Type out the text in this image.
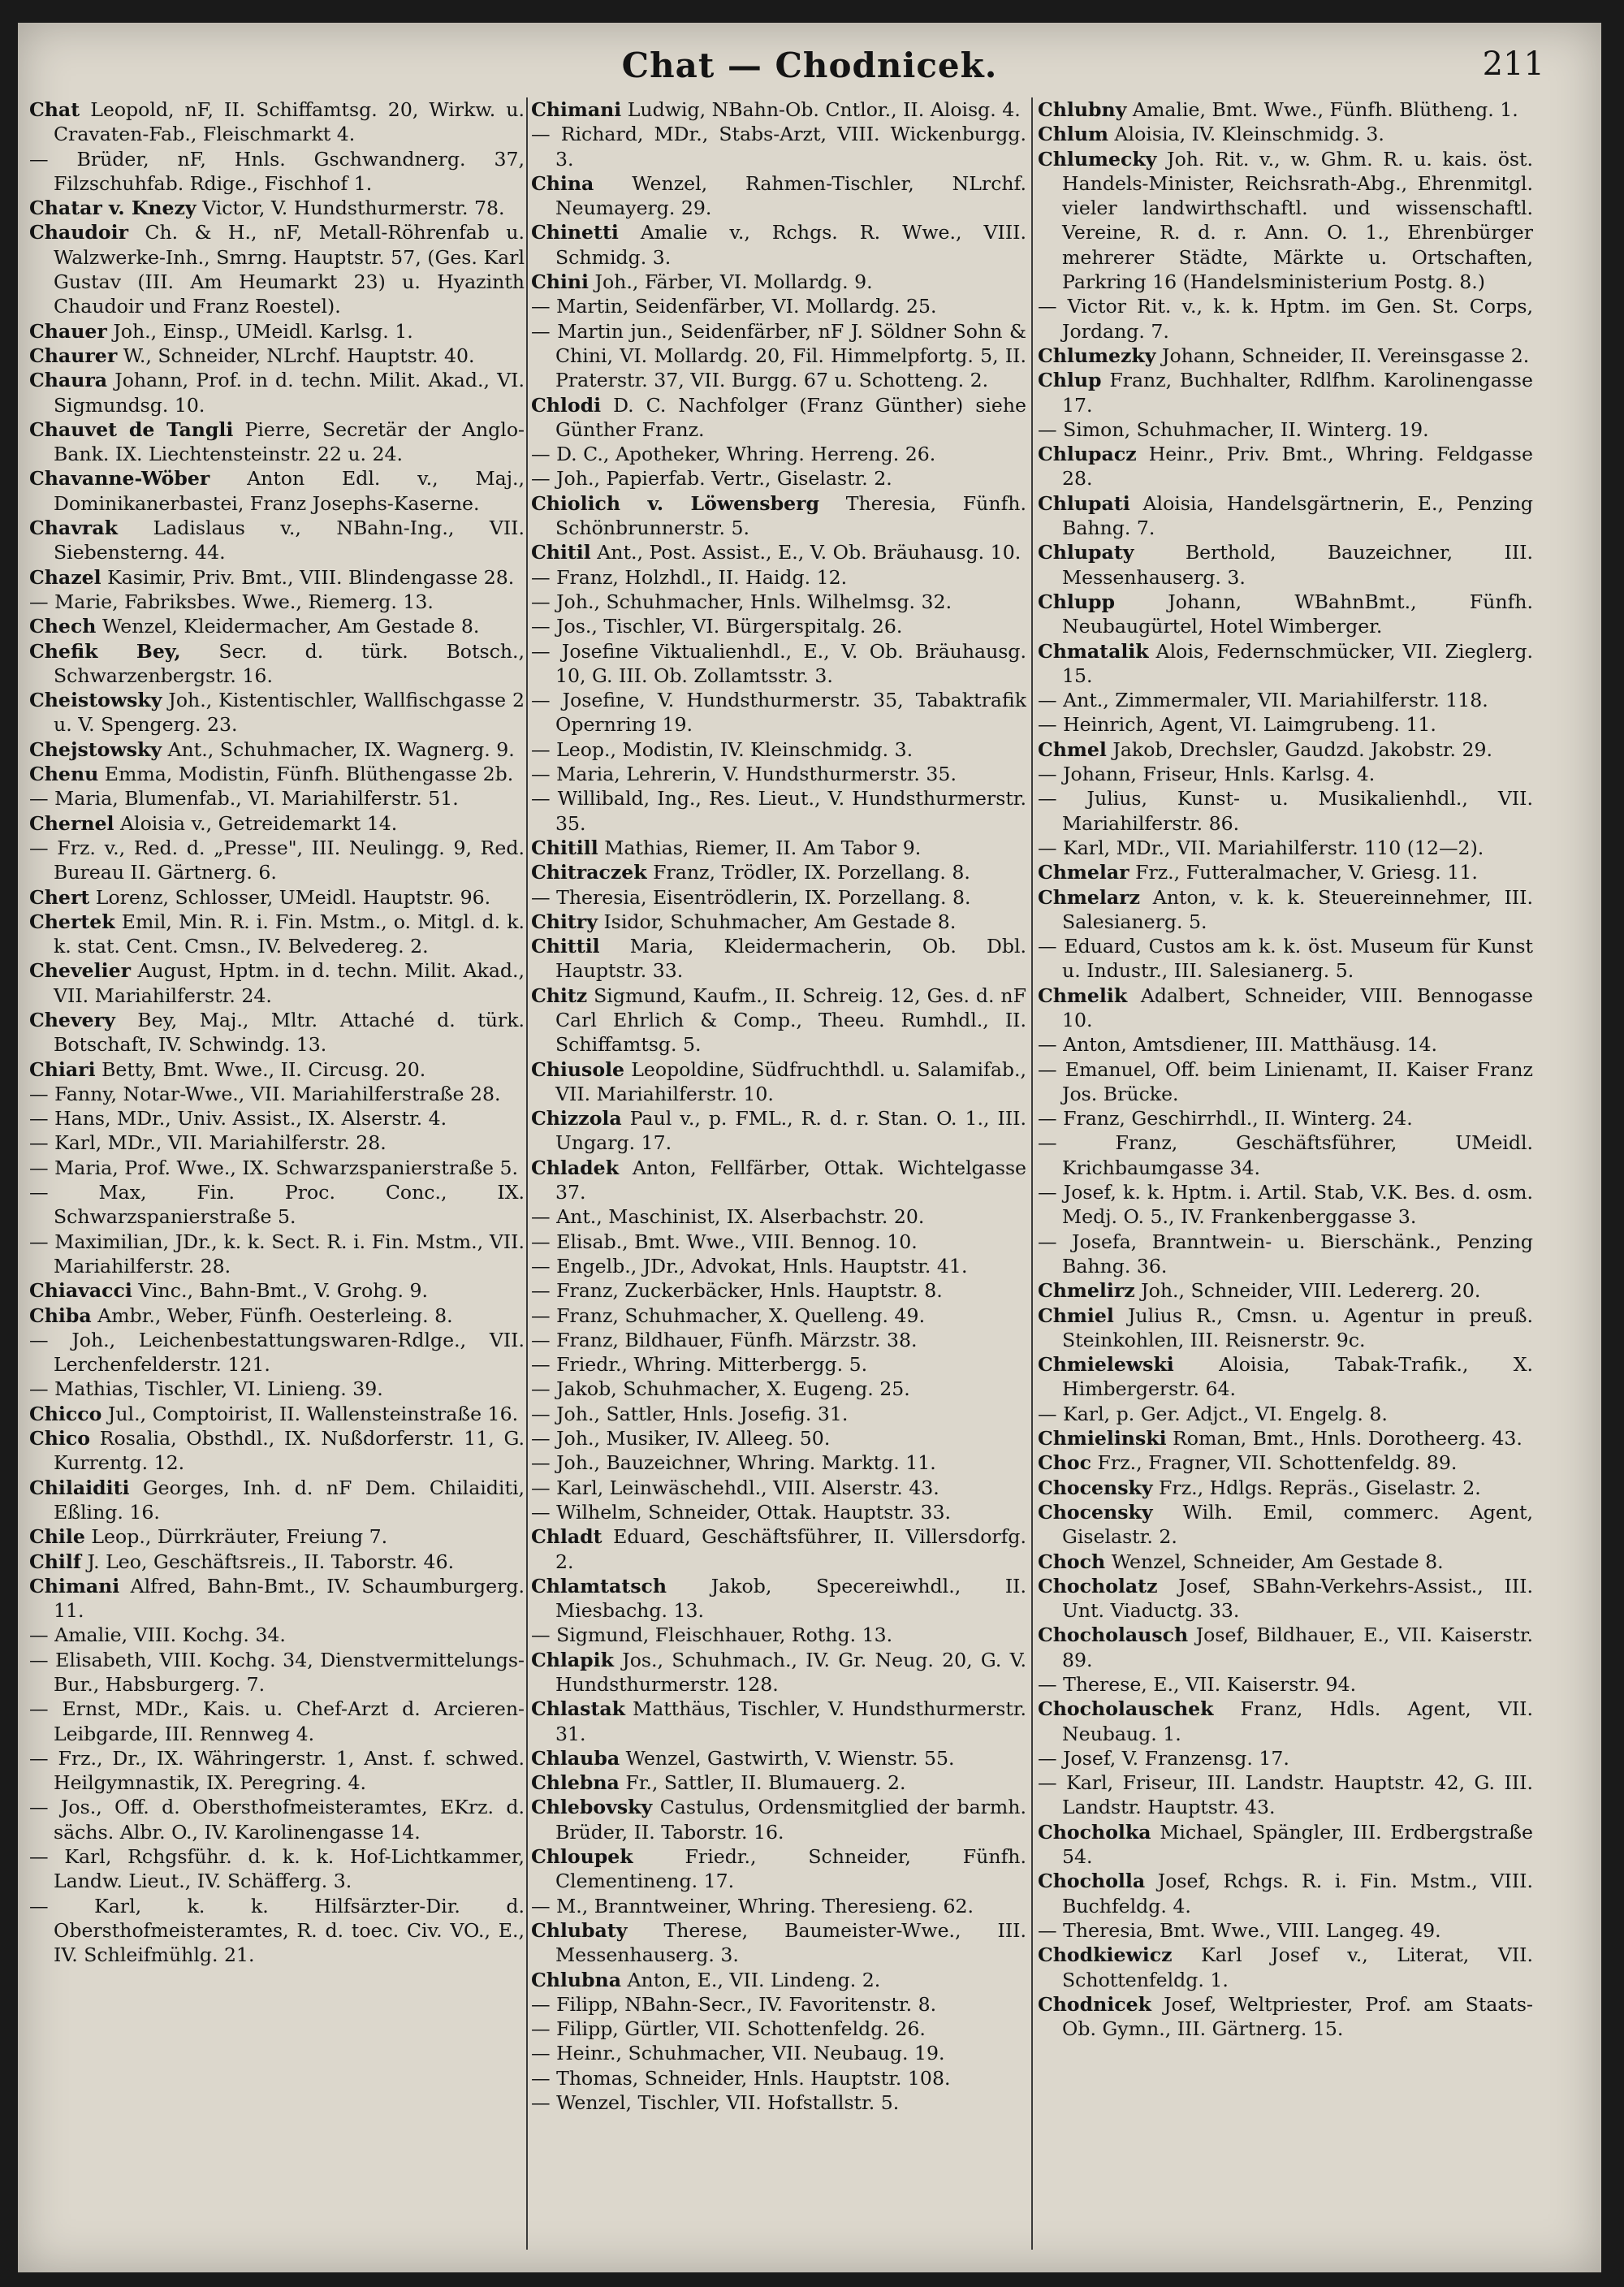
Chat — Chodnicek.	211

Chat Leopold, nF, II. Schiffamtsg. 20, Wirkw. u. Cravaten-Fab., Fleischmarkt 4.

— Brüder, nF, Hnls. Gschwandnerg. 37, Filzschuhfab. Rdige., Fischhof 1.

Chatar v. Knezy Victor, V. Hundsthurmerstr. 78.

Chaudoir Ch. & H., nF, Metall-Röhrenfab u. Walzwerke-Inh., Smrng. Hauptstr. 57, (Ges. Karl Gustav (III. Am Heumarkt 23) u. Hyazinth Chaudoir und Franz Roestel).

Chauer Joh., Einsp., UMeidl. Karlsg. 1.

Chaurer W., Schneider, NLrchf. Hauptstr. 40.

Chaura Johann, Prof. in d. techn. Milit. Akad., VI. Sigmundsg. 10.

Chauvet de Tangli Pierre, Secretär der Anglo-Bank. IX. Liechtensteinstr. 22 u. 24.

Chavanne-Wöber Anton Edl. v., Maj., Dominikanerbastei, Franz Josephs-Kaserne.

Chavrak Ladislaus v., NBahn-Ing., VII. Siebensterng. 44.

Chazel Kasimir, Priv. Bmt., VIII. Blindengasse 28.

— Marie, Fabriksbes. Wwe., Riemerg. 13.

Chech Wenzel, Kleidermacher, Am Gestade 8.

Chefik Bey, Secr. d. türk. Botsch., Schwarzenbergstr. 16.

Cheistowsky Joh., Kistentischler, Wallfischgasse 2 u. V. Spengerg. 23.

Chejstowsky Ant., Schuhmacher, IX. Wagnerg. 9.

Chenu Emma, Modistin, Fünfh. Blüthengasse 2b.

— Maria, Blumenfab., VI. Mariahilferstr. 51.

Chernel Aloisia v., Getreidemarkt 14.

— Frz. v., Red. d. „Presse", III. Neulingg. 9, Red. Bureau II. Gärtnerg. 6.

Chert Lorenz, Schlosser, UMeidl. Hauptstr. 96.

Chertek Emil, Min. R. i. Fin. Mstm., o. Mitgl. d. k. k. stat. Cent. Cmsn., IV. Belvedereg. 2.

Chevelier August, Hptm. in d. techn. Milit. Akad., VII. Mariahilferstr. 24.

Chevery Bey, Maj., Mltr. Attaché d. türk. Botschaft, IV. Schwindg. 13.

Chiari Betty, Bmt. Wwe., II. Circusg. 20.

— Fanny, Notar-Wwe., VII. Mariahilferstraße 28.

— Hans, MDr., Univ. Assist., IX. Alserstr. 4.

— Karl, MDr., VII. Mariahilferstr. 28.

— Maria, Prof. Wwe., IX. Schwarzspanierstraße 5.

— Max, Fin. Proc. Conc., IX. Schwarzspanierstraße 5.

— Maximilian, JDr., k. k. Sect. R. i. Fin. Mstm., VII. Mariahilferstr. 28.

Chiavacci Vinc., Bahn-Bmt., V. Grohg. 9.

Chiba Ambr., Weber, Fünfh. Oesterleing. 8.

— Joh., Leichenbestattungswaren-Rdlge., VII. Lerchenfelderstr. 121.

— Mathias, Tischler, VI. Linieng. 39.

Chicco Jul., Comptoirist, II. Wallensteinstraße 16.

Chico Rosalia, Obsthdl., IX. Nußdorferstr. 11, G. Kurrentg. 12.

Chilaiditi Georges, Inh. d. nF Dem. Chilaiditi, Eßling. 16.

Chile Leop., Dürrkräuter, Freiung 7.

Chilf J. Leo, Geschäftsreis., II. Taborstr. 46.

Chimani Alfred, Bahn-Bmt., IV. Schaumburgerg. 11.

— Amalie, VIII. Kochg. 34.

— Elisabeth, VIII. Kochg. 34, Dienstvermittelungs-Bur., Habsburgerg. 7.

— Ernst, MDr., Kais. u. Chef-Arzt d. Arcieren-Leibgarde, III. Rennweg 4.

— Frz., Dr., IX. Währingerstr. 1, Anst. f. schwed. Heilgymnastik, IX. Peregring. 4.

— Jos., Off. d. Obersthofmeisteramtes, EKrz. d. sächs. Albr. O., IV. Karolinengasse 14.

— Karl, Rchgsführ. d. k. k. Hof-Lichtkammer, Landw. Lieut., IV. Schäfferg. 3.

— Karl, k. k. Hilfsärzter-Dir. d. Obersthofmeisteramtes, R. d. toec. Civ. VO., E., IV. Schleifmühlg. 21.

Chimani Ludwig, NBahn-Ob. Cntlor., II. Aloisg. 4.

— Richard, MDr., Stabs-Arzt, VIII. Wickenburgg. 3.

China Wenzel, Rahmen-Tischler, NLrchf. Neumayerg. 29.

Chinetti Amalie v., Rchgs. R. Wwe., VIII. Schmidg. 3.

Chini Joh., Färber, VI. Mollardg. 9.

— Martin, Seidenfärber, VI. Mollardg. 25.

— Martin jun., Seidenfärber, nF J. Söldner Sohn & Chini, VI. Mollardg. 20, Fil. Himmelpfortg. 5, II. Praterstr. 37, VII. Burgg. 67 u. Schotteng. 2.

Chlodi D. C. Nachfolger (Franz Günther) siehe Günther Franz.

— D. C., Apotheker, Whring. Herreng. 26.

— Joh., Papierfab. Vertr., Giselastr. 2.

Chiolich v. Löwensberg Theresia, Fünfh. Schönbrunnerstr. 5.

Chitil Ant., Post. Assist., E., V. Ob. Bräuhausg. 10.

— Franz, Holzhdl., II. Haidg. 12.

— Joh., Schuhmacher, Hnls. Wilhelmsg. 32.

— Jos., Tischler, VI. Bürgerspitalg. 26.

— Josefine Viktualienhdl., E., V. Ob. Bräuhausg. 10, G. III. Ob. Zollamtsstr. 3.

— Josefine, V. Hundsthurmerstr. 35, Tabaktrafik Opernring 19.

— Leop., Modistin, IV. Kleinschmidg. 3.

— Maria, Lehrerin, V. Hundsthurmerstr. 35.

— Willibald, Ing., Res. Lieut., V. Hundsthurmerstr. 35.

Chitill Mathias, Riemer, II. Am Tabor 9.

Chitraczek Franz, Trödler, IX. Porzellang. 8.

— Theresia, Eisentrödlerin, IX. Porzellang. 8.

Chitry Isidor, Schuhmacher, Am Gestade 8.

Chittil Maria, Kleidermacherin, Ob. Dbl. Hauptstr. 33.

Chitz Sigmund, Kaufm., II. Schreig. 12, Ges. d. nF Carl Ehrlich & Comp., Theeu. Rumhdl., II. Schiffamtsg. 5.

Chiusole Leopoldine, Südfruchthdl. u. Salamifab., VII. Mariahilferstr. 10.

Chizzola Paul v., p. FML., R. d. r. Stan. O. 1., III. Ungarg. 17.

Chladek Anton, Fellfärber, Ottak. Wichtelgasse 37.

— Ant., Maschinist, IX. Alserbachstr. 20.

— Elisab., Bmt. Wwe., VIII. Bennog. 10.

— Engelb., JDr., Advokat, Hnls. Hauptstr. 41.

— Franz, Zuckerbäcker, Hnls. Hauptstr. 8.

— Franz, Schuhmacher, X. Quelleng. 49.

— Franz, Bildhauer, Fünfh. Märzstr. 38.

— Friedr., Whring. Mitterbergg. 5.

— Jakob, Schuhmacher, X. Eugeng. 25.

— Joh., Sattler, Hnls. Josefig. 31.

— Joh., Musiker, IV. Alleeg. 50.

— Joh., Bauzeichner, Whring. Marktg. 11.

— Karl, Leinwäschehdl., VIII. Alserstr. 43.

— Wilhelm, Schneider, Ottak. Hauptstr. 33.

Chladt Eduard, Geschäftsführer, II. Villersdorfg. 2.

Chlamtatsch Jakob, Specereiwhdl., II. Miesbachg. 13.

— Sigmund, Fleischhauer, Rothg. 13.

Chlapik Jos., Schuhmach., IV. Gr. Neug. 20, G. V. Hundsthurmerstr. 128.

Chlastak Matthäus, Tischler, V. Hundsthurmerstr. 31.

Chlauba Wenzel, Gastwirth, V. Wienstr. 55.

Chlebna Fr., Sattler, II. Blumauerg. 2.

Chlebovsky Castulus, Ordensmitglied der barmh. Brüder, II. Taborstr. 16.

Chloupek	Friedr., Schneider, Fünfh. Clementineng. 17.

— M., Branntweiner, Whring. Theresieng. 62.

Chlubaty Therese, Baumeister-Wwe., III. Messenhauserg. 3.

Chlubna Anton, E., VII. Lindeng. 2.

— Filipp, NBahn-Secr., IV. Favoritenstr. 8.

— Filipp, Gürtler, VII. Schottenfeldg. 26.

— Heinr., Schuhmacher, VII. Neubaug. 19.

— Thomas, Schneider, Hnls. Hauptstr. 108.

— Wenzel, Tischler, VII. Hofstallstr. 5.

Chlubny Amalie, Bmt. Wwe., Fünfh. Blütheng. 1.

Chlum Aloisia, IV. Kleinschmidg. 3.

Chlumecky Joh. Rit. v., w. Ghm. R. u. kais. öst. Handels-Minister, Reichsrath-Abg., Ehrenmitgl. vieler landwirthschaftl. und wissenschaftl. Vereine, R. d. r. Ann. O. 1., Ehrenbürger mehrerer Städte, Märkte u. Ortschaften, Parkring 16 (Handelsministerium Postg. 8.)

— Victor Rit. v., k. k. Hptm. im Gen. St. Corps, Jordang. 7.

Chlumezky Johann, Schneider, II. Vereinsgasse 2.

Chlup Franz, Buchhalter, Rdlfhm. Karolinengasse 17.

— Simon, Schuhmacher, II. Winterg. 19.

Chlupacz Heinr., Priv. Bmt., Whring. Feldgasse 28.

Chlupati Aloisia, Handelsgärtnerin, E., Penzing Bahng. 7.

Chlupaty	Berthold, Bauzeichner, III. Messenhauserg. 3.

Chlupp	Johann, WBahnBmt., Fünfh. Neubaugürtel, Hotel Wimberger.

Chmatalik Alois, Federnschmücker, VII. Zieglerg. 15.

— Ant., Zimmermaler, VII. Mariahilferstr. 118.

— Heinrich, Agent, VI. Laimgrubeng. 11.

Chmel Jakob, Drechsler, Gaudzd. Jakobstr. 29.

— Johann, Friseur, Hnls. Karlsg. 4.

— Julius, Kunst- u. Musikalienhdl., VII. Mariahilferstr. 86.

— Karl, MDr., VII. Mariahilferstr. 110 (12—2).

Chmelar Frz., Futteralmacher, V. Griesg. 11.

Chmelarz Anton, v. k. k. Steuereinnehmer, III. Salesianerg. 5.

— Eduard, Custos am k. k. öst. Museum für Kunst u. Industr., III. Salesianerg. 5.

Chmelik Adalbert, Schneider, VIII. Bennogasse 10.

— Anton, Amtsdiener, III. Matthäusg. 14.

— Emanuel, Off. beim Linienamt, II. Kaiser Franz Jos. Brücke.

— Franz, Geschirrhdl., II. Winterg. 24.

— Franz, Geschäftsführer, UMeidl. Krichbaumgasse 34.

— Josef, k. k. Hptm. i. Artil. Stab, V.K. Bes. d. osm. Medj. O. 5., IV. Frankenberggasse 3.

— Josefa, Branntwein- u. Bierschänk., Penzing Bahng. 36.

Chmelirz Joh., Schneider, VIII. Ledererg. 20.

Chmiel Julius R., Cmsn. u. Agentur in preuß. Steinkohlen, III. Reisnerstr. 9c.

Chmielewski Aloisia, Tabak-Trafik., X. Himbergerstr. 64.

— Karl, p. Ger. Adjct., VI. Engelg. 8.

Chmielinski Roman, Bmt., Hnls. Dorotheerg. 43.

Choc Frz., Fragner, VII. Schottenfeldg. 89.

Chocensky Frz., Hdlgs. Repräs., Giselastr. 2.

Chocensky Wilh. Emil, commerc. Agent, Giselastr. 2.

Choch Wenzel, Schneider, Am Gestade 8.

Chocholatz Josef, SBahn-Verkehrs-Assist., III. Unt. Viaductg. 33.

Chocholausch Josef, Bildhauer, E., VII. Kaiserstr. 89.

— Therese, E., VII. Kaiserstr. 94.

Chocholauschek Franz, Hdls. Agent, VII. Neubaug. 1.

— Josef, V. Franzensg. 17.

— Karl, Friseur, III. Landstr. Hauptstr. 42, G. III. Landstr. Hauptstr. 43.

Chocholka Michael, Spängler, III. Erdbergstraße 54.

Chocholla Josef, Rchgs. R. i. Fin. Mstm., VIII. Buchfeldg. 4.

— Theresia, Bmt. Wwe., VIII. Langeg. 49.

Chodkiewicz Karl Josef v., Literat, VII. Schottenfeldg. 1.

Chodnicek Josef, Weltpriester, Prof. am Staats-Ob. Gymn., III. Gärtnerg. 15.
